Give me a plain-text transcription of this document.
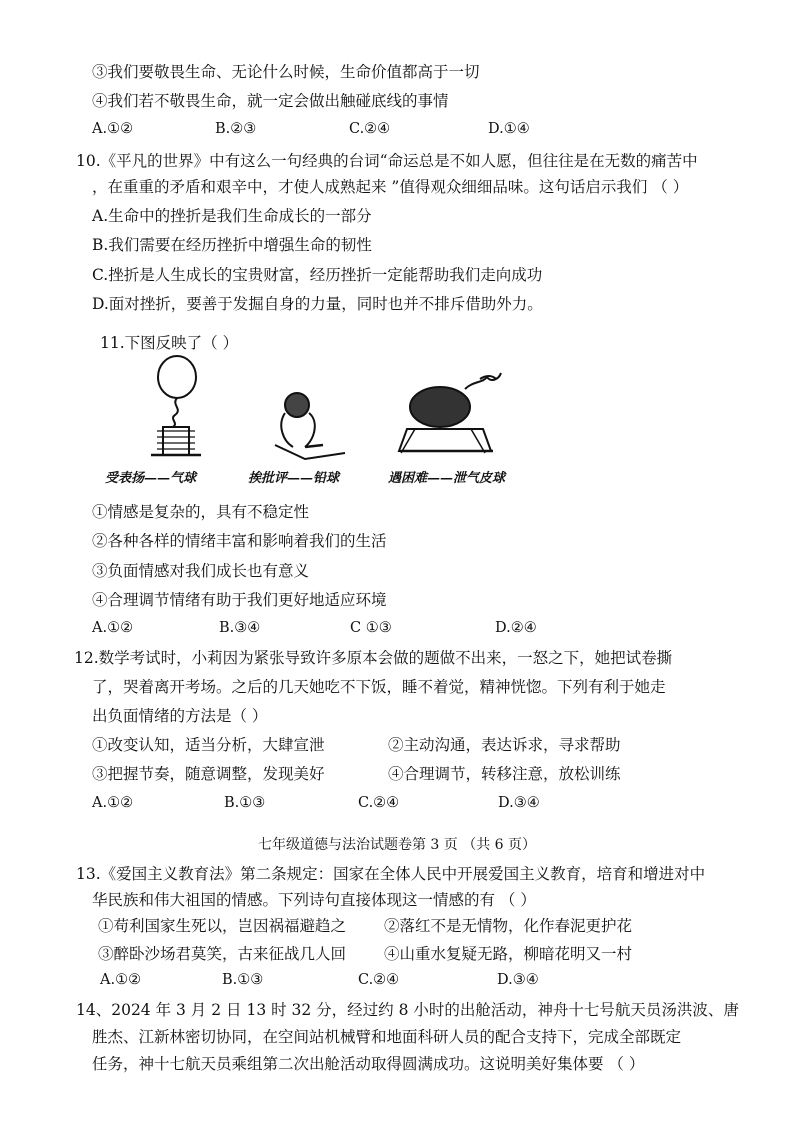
③我们要敬畏生命、无论什么时候，生命价值都高于一切
④我们若不敬畏生命，就一定会做出触碰底线的事情
A.①②	B.②③	C.②④	D.①④
10.《平凡的世界》中有这么一句经典的台词“命运总是不如人愿，但往往是在无数的痛苦中
，在重重的矛盾和艰辛中，才使人成熟起来 ”值得观众细细品味。这句话启示我们 （ ）
A.生命中的挫折是我们生命成长的一部分
B.我们需要在经历挫折中增强生命的韧性
C.挫折是人生成长的宝贵财富，经历挫折一定能帮助我们走向成功
D.面对挫折，要善于发掘自身的力量，同时也并不排斥借助外力。
11.下图反映了（ ）
受表扬——气球	挨批评——铅球	遇困难——泄气皮球
①情感是复杂的，具有不稳定性
②各种各样的情绪丰富和影响着我们的生活
③负面情感对我们成长也有意义
④合理调节情绪有助于我们更好地适应环境
A.①②	B.③④	C ①③	D.②④
12.数学考试时，小莉因为紧张导致许多原本会做的题做不出来，一怒之下，她把试卷撕
了，哭着离开考场。之后的几天她吃不下饭，睡不着觉，精神恍惚。下列有利于她走
出负面情绪的方法是（ ）
①改变认知，适当分析，大肆宣泄	②主动沟通，表达诉求，寻求帮助
③把握节奏，随意调整，发现美好	④合理调节，转移注意，放松训练
A.①②	B.①③	C.②④	D.③④
七年级道德与法治试题卷第 3 页 （共 6 页）
13.《爱国主义教育法》第二条规定：国家在全体人民中开展爱国主义教育，培育和增进对中
华民族和伟大祖国的情感。下列诗句直接体现这一情感的有 （ ）
①苟利国家生死以，岂因祸福避趋之 ②落红不是无情物，化作春泥更护花
③醉卧沙场君莫笑，古来征战几人回 ④山重水复疑无路，柳暗花明又一村
A.①②	B.①③	C.②④	D.③④
14、2024 年 3 月 2 日 13 时 32 分，经过约 8 小时的出舱活动，神舟十七号航天员汤洪波、唐
胜杰、江新林密切协同，在空间站机械臂和地面科研人员的配合支持下，完成全部既定
任务，神十七航天员乘组第二次出舱活动取得圆满成功。这说明美好集体要 （ ）
